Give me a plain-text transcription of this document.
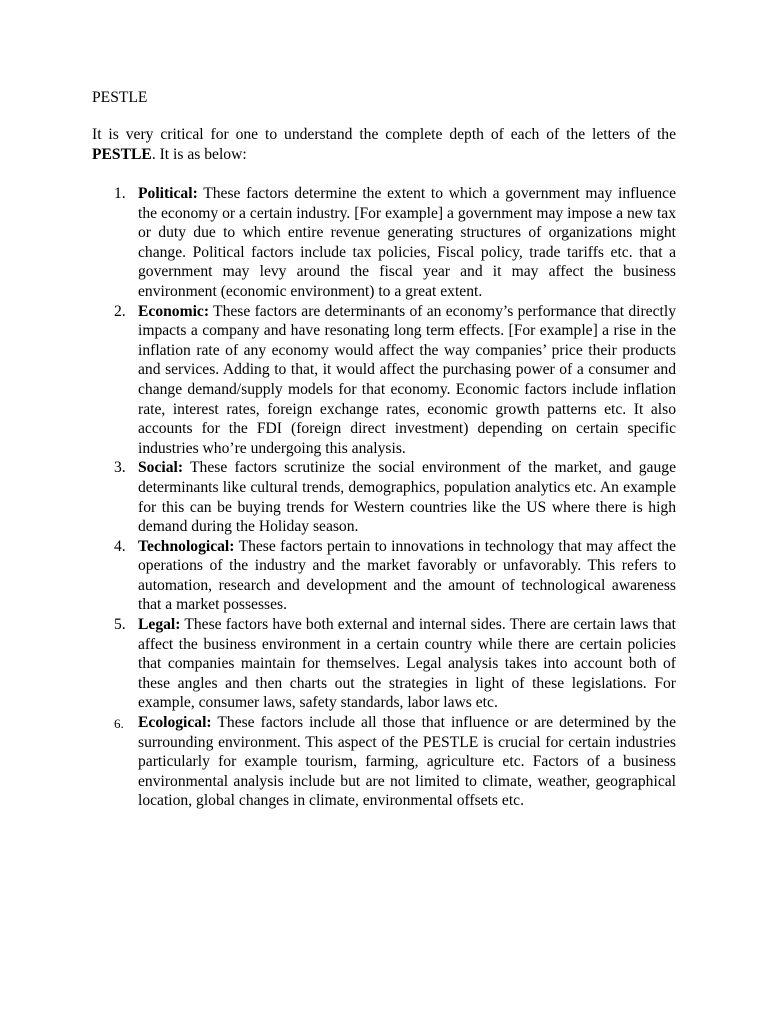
PESTLE

It is very critical for one to understand the complete depth of each of the letters of the PESTLE. It is as below:

1. Political: These factors determine the extent to which a government may influence the economy or a certain industry. [For example] a government may impose a new tax or duty due to which entire revenue generating structures of organizations might change. Political factors include tax policies, Fiscal policy, trade tariffs etc. that a government may levy around the fiscal year and it may affect the business environment (economic environment) to a great extent.
2. Economic: These factors are determinants of an economy’s performance that directly impacts a company and have resonating long term effects. [For example] a rise in the inflation rate of any economy would affect the way companies’ price their products and services. Adding to that, it would affect the purchasing power of a consumer and change demand/supply models for that economy. Economic factors include inflation rate, interest rates, foreign exchange rates, economic growth patterns etc. It also accounts for the FDI (foreign direct investment) depending on certain specific industries who’re undergoing this analysis.
3. Social: These factors scrutinize the social environment of the market, and gauge determinants like cultural trends, demographics, population analytics etc. An example for this can be buying trends for Western countries like the US where there is high demand during the Holiday season.
4. Technological: These factors pertain to innovations in technology that may affect the operations of the industry and the market favorably or unfavorably. This refers to automation, research and development and the amount of technological awareness that a market possesses.
5. Legal: These factors have both external and internal sides. There are certain laws that affect the business environment in a certain country while there are certain policies that companies maintain for themselves. Legal analysis takes into account both of these angles and then charts out the strategies in light of these legislations. For example, consumer laws, safety standards, labor laws etc.
6. Ecological: These factors include all those that influence or are determined by the surrounding environment. This aspect of the PESTLE is crucial for certain industries particularly for example tourism, farming, agriculture etc. Factors of a business environmental analysis include but are not limited to climate, weather, geographical location, global changes in climate, environmental offsets etc.
